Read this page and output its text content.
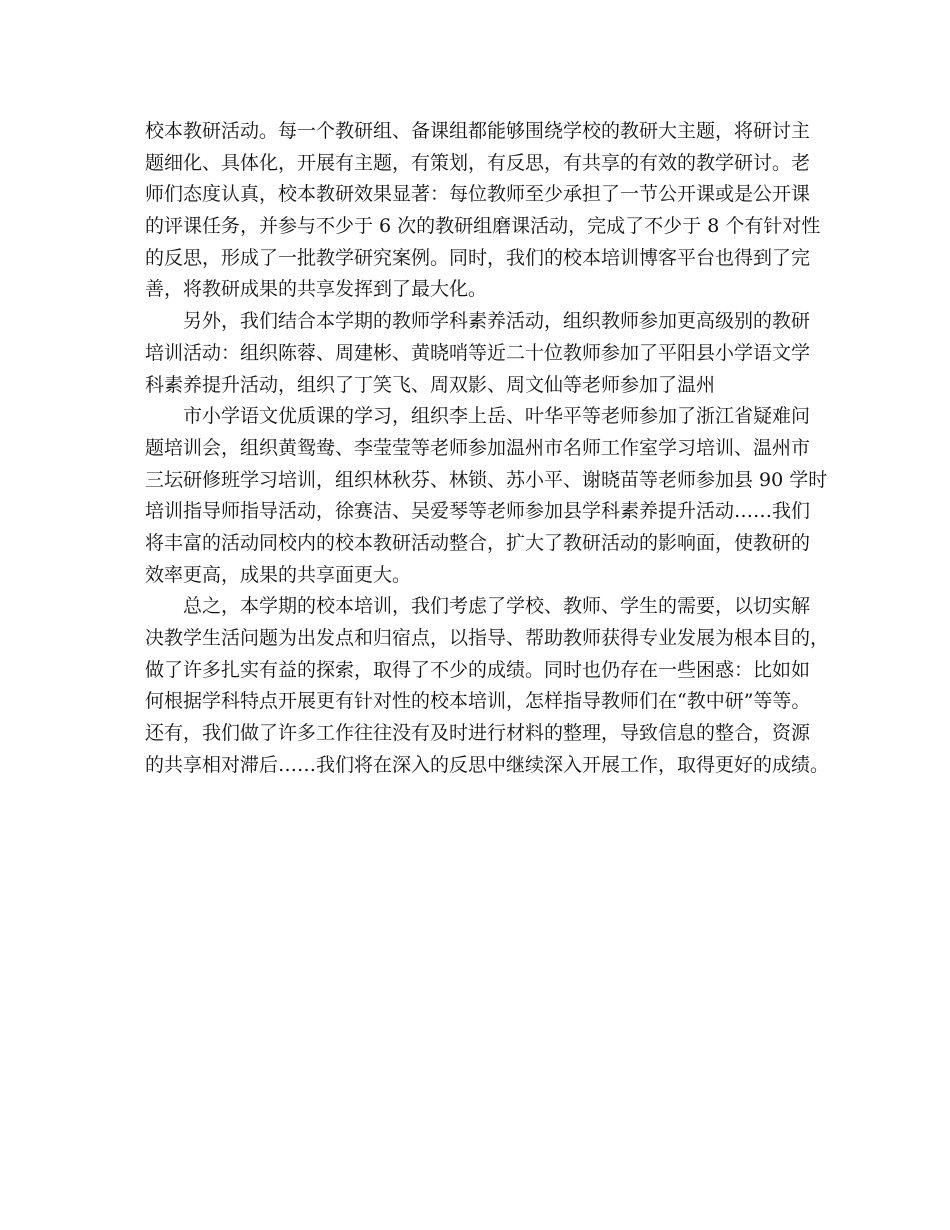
校本教研活动。每一个教研组、备课组都能够围绕学校的教研大主题，将研讨主
题细化、具体化，开展有主题，有策划，有反思，有共享的有效的教学研讨。老
师们态度认真，校本教研效果显著：每位教师至少承担了一节公开课或是公开课
的评课任务，并参与不少于 6 次的教研组磨课活动，完成了不少于 8 个有针对性
的反思，形成了一批教学研究案例。同时，我们的校本培训博客平台也得到了完
善，将教研成果的共享发挥到了最大化。
另外，我们结合本学期的教师学科素养活动，组织教师参加更高级别的教研
培训活动：组织陈蓉、周建彬、黄晓哨等近二十位教师参加了平阳县小学语文学
科素养提升活动，组织了丁笑飞、周双影、周文仙等老师参加了温州
市小学语文优质课的学习，组织李上岳、叶华平等老师参加了浙江省疑难问
题培训会，组织黄鸳鸯、李莹莹等老师参加温州市名师工作室学习培训、温州市
三坛研修班学习培训，组织林秋芬、林锁、苏小平、谢晓苗等老师参加县 90 学时
培训指导师指导活动，徐赛洁、吴爱琴等老师参加县学科素养提升活动……我们
将丰富的活动同校内的校本教研活动整合，扩大了教研活动的影响面，使教研的
效率更高，成果的共享面更大。
总之，本学期的校本培训，我们考虑了学校、教师、学生的需要，以切实解
决教学生活问题为出发点和归宿点，以指导、帮助教师获得专业发展为根本目的，
做了许多扎实有益的探索，取得了不少的成绩。同时也仍存在一些困惑：比如如
何根据学科特点开展更有针对性的校本培训，怎样指导教师们在“教中研”等等。
还有，我们做了许多工作往往没有及时进行材料的整理，导致信息的整合，资源
的共享相对滞后……我们将在深入的反思中继续深入开展工作，取得更好的成绩。
